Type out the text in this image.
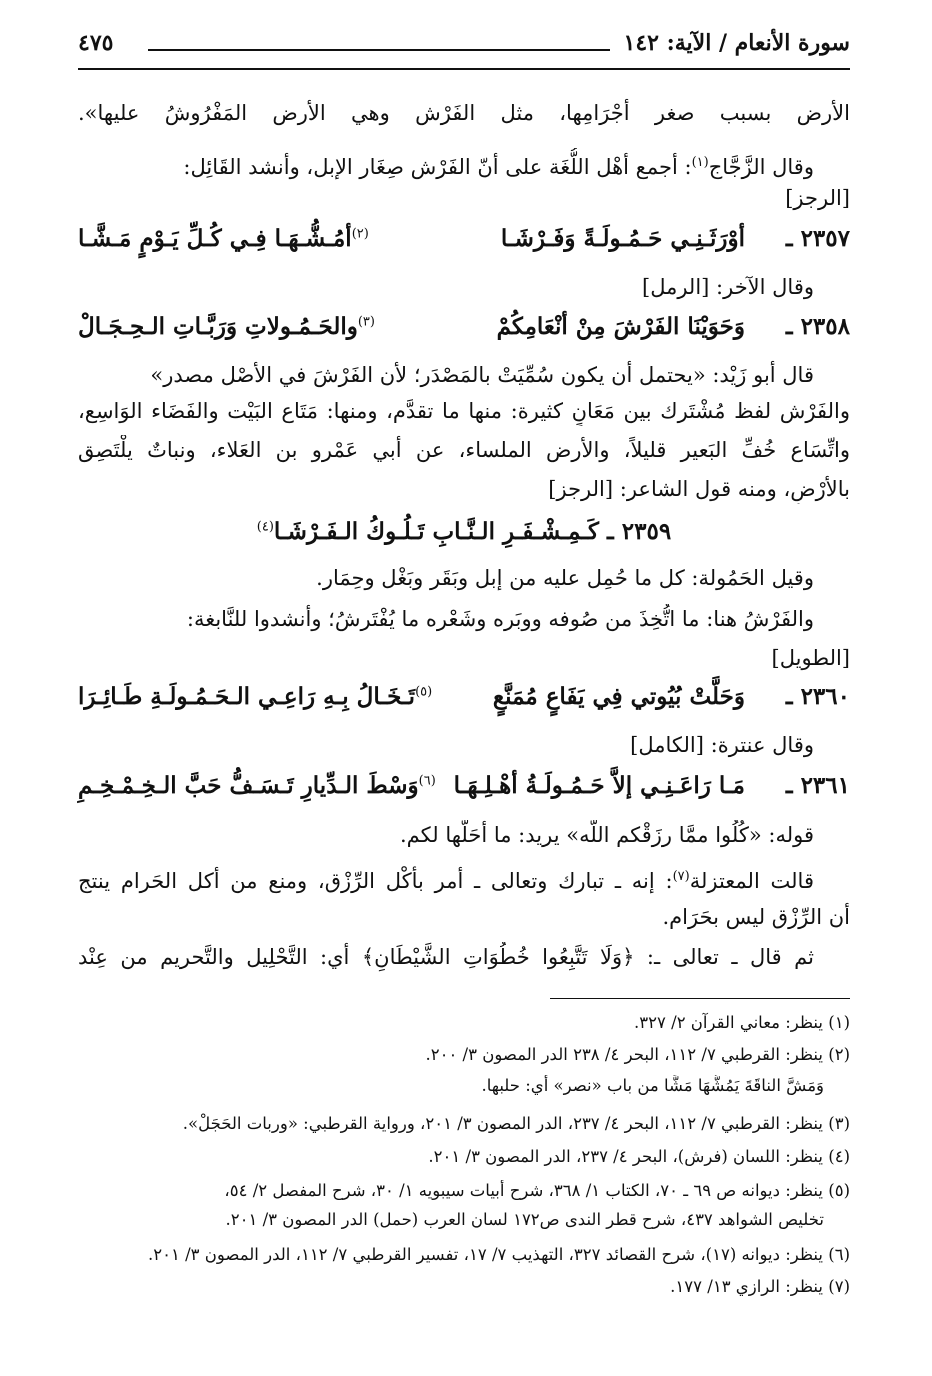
سورة الأنعام / الآية: ١٤٢
٤٧٥
الأرض بسبب صغر أجْرَامِها، مثل الفَرْش وهي الأرض المَفْرُوشُ عليها».
وقال الزَّجَّاج$^{(١)}$: أجمع أهْل اللُّغَة على أنّ الفَرْش صِغَار الإبل، وأنشد القَائِل:
[الرجز]
٢٣٥٧ ـ
أوْرَثَـنِـي حَـمُـولَـةً وَفَـرْشَـا
$^{(٢)}$أمُـشُّـهَـا فِـي كُـلِّ يَـوْمٍ مَـشَّـا
وقال الآخر: [الرمل]
٢٣٥٨ ـ
وَحَوَيْنَا الفَرْشَ مِنْ أنْعَامِكُمْ
$^{(٣)}$والحَـمُـولاتِ وَرَبَّـاتِ الـحِـجَـالْ
قال أبو زَيْد: «يحتمل أن يكون سُمِّيَتْ بالمَصْدَر؛ لأن الفَرْشَ في الأصْل مصدر»
والفَرْش لفظ مُشْتَرك بين مَعَانٍ كثيرة: منها ما تقدَّم، ومنها: مَتَاع البَيْت والفَضَاء الوَاسِع،
واتِّسَاع خُفِّ البَعير قليلاً، والأرض الملساء، عن أبي عَمْرو بن العَلاء، ونباتٌ يلْتَصِق
بالأرْضِ، ومنه قول الشاعر: [الرجز]
٢٣٥٩ ـ كَـمِـشْـفَـرِ الـنَّـابِ تَـلُـوكُ الـفَـرْشَـا$^{(٤)}$
وقيل الحَمُولة: كل ما حُمِل عليه من إبل وبَقَر وبَغْل وحِمَار.
والفَرْشُ هنا: ما اتُّخِذَ من صُوفه ووبَره وشَعْره ما يُفْتَرشُ؛ وأنشدوا للنَّابغة:
[الطويل]
٢٣٦٠ ـ
وَحَلَّتْ بُيُوتي فِي يَفَاعٍ مُمَنَّعٍ
$^{(٥)}$تَـخَـالُ بِـهِ رَاعِـي الـحَـمُـولَـةِ طَـائِـرَا
وقال عنترة: [الكامل]
٢٣٦١ ـ
مَـا رَاعَـنِـي إلاَّ حَـمُـولَـةُ أهْـلِـهَـا
$^{(٦)}$وَسْطَ الـدِّيارِ تَـسَـفُّ حَبَّ الـخِـمْـخِـمِ
قوله: «كُلُوا ممَّا رزَقْكم اللَّه» يريد: ما أحَلَّها لكم.
قالت المعتزلة$^{(٧)}$: إنه ـ تبارك وتعالى ـ أمر بأكْل الرِّزْق، ومنع من أكل الحَرام ينتج
أن الرِّزْق ليس بحَرَام.
ثم قال ـ تعالى ـ: ﴿وَلَا تَتَّبِعُوا خُطُوَاتِ الشَّيْطَانِ﴾ أي: التَّحْلِيل والتَّحريم من عِنْد
(١) ينظر: معاني القرآن ٢/ ٣٢٧.
(٢) ينظر: القرطبي ٧/ ١١٢، البحر ٤/ ٢٣٨ الدر المصون ٣/ ٢٠٠.
وَمَشَّ الناقَةَ يَمُشُّهَا مَشًّا من باب «نصر» أي: حلبها.
(٣) ينظر: القرطبي ٧/ ١١٢، البحر ٤/ ٢٣٧، الدر المصون ٣/ ٢٠١، ورواية القرطبي: «وربات الحَجَلْ».
(٤) ينظر: اللسان (فرش)، البحر ٤/ ٢٣٧، الدر المصون ٣/ ٢٠١.
(٥) ينظر: ديوانه ص ٦٩ ـ ٧٠، الكتاب ١/ ٣٦٨، شرح أبيات سيبويه ١/ ٣٠، شرح المفصل ٢/ ٥٤،
تخليص الشواهد ٤٣٧، شرح قطر الندى ص١٧٢ لسان العرب (حمل) الدر المصون ٣/ ٢٠١.
(٦) ينظر: ديوانه (١٧)، شرح القصائد ٣٢٧، التهذيب ٧/ ١٧، تفسير القرطبي ٧/ ١١٢، الدر المصون ٣/ ٢٠١.
(٧) ينظر: الرازي ١٣/ ١٧٧.
